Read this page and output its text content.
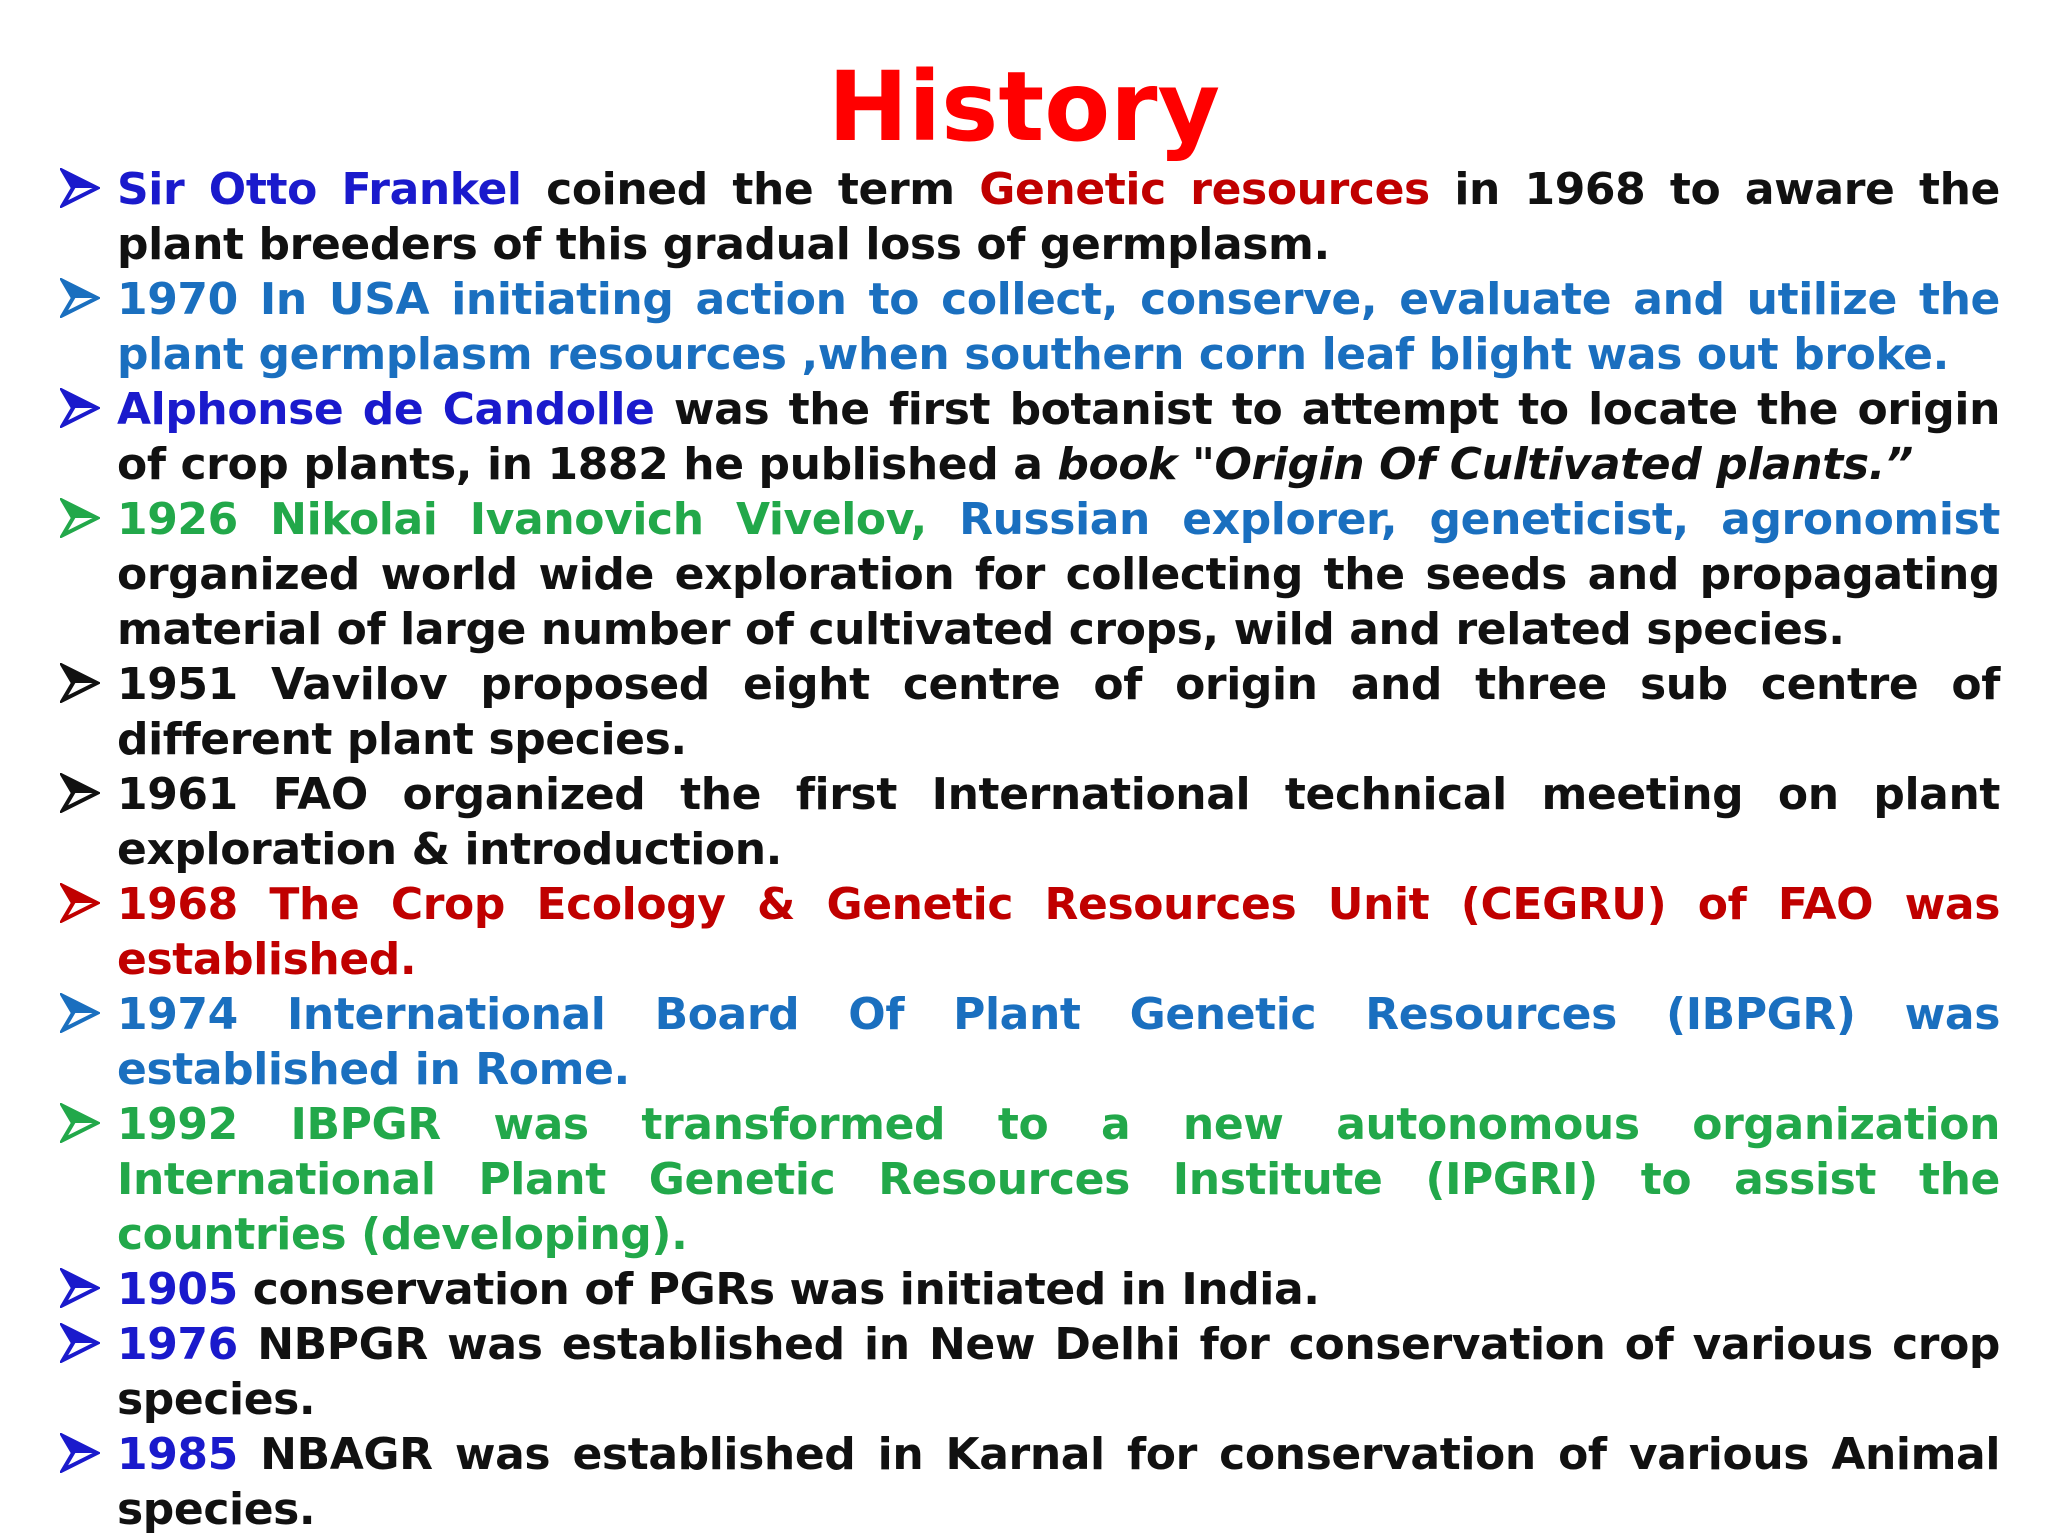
History
Sir Otto Frankel coined the term Genetic resources in 1968 to aware the plant breeders of this gradual loss of germplasm.
1970 In USA initiating action to collect, conserve, evaluate and utilize the plant germplasm resources ,when southern corn leaf blight was out broke.
Alphonse de Candolle was the first botanist to attempt to locate the origin of crop plants, in 1882 he published a book "Origin Of Cultivated plants.”
1926 Nikolai Ivanovich Vivelov, Russian explorer, geneticist, agronomist organized world wide exploration for collecting the seeds and propagating material of large number of cultivated crops, wild and related species.
1951 Vavilov proposed eight centre of origin and three sub centre of different plant species.
1961 FAO organized the first International technical meeting on plant exploration & introduction.
1968 The Crop Ecology & Genetic Resources Unit (CEGRU) of FAO was established.
1974 International Board Of Plant Genetic Resources (IBPGR) was established in Rome.
1992 IBPGR was transformed to a new autonomous organization International Plant Genetic Resources Institute (IPGRI) to assist the countries (developing).
1905 conservation of PGRs was initiated in India.
1976 NBPGR was established in New Delhi for conservation of various crop species.
1985 NBAGR was established in Karnal for conservation of various Animal species.
